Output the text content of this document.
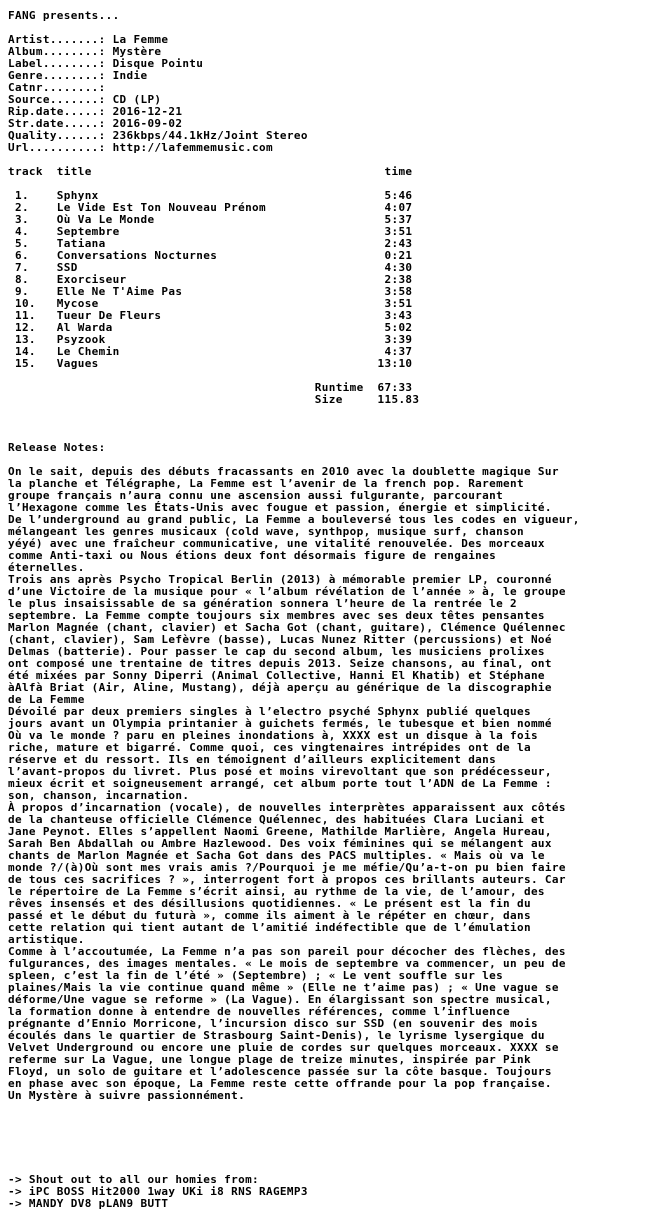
FANG presents...
Artist.......: La Femme
Album........: Mystère
Label........: Disque Pointu
Genre........: Indie
Catnr........:
Source.......: CD (LP)
Rip.date.....: 2016-12-21
Str.date.....: 2016-09-02
Quality......: 236kbps/44.1kHz/Joint Stereo
Url..........: http://lafemmemusic.com
track  title                                          time
1.    Sphynx                                         5:46
2.    Le Vide Est Ton Nouveau Prénom                 4:07
3.    Où Va Le Monde                                 5:37
4.    Septembre                                      3:51
5.    Tatiana                                        2:43
6.    Conversations Nocturnes                        0:21
7.    SSD                                            4:30
8.    Exorciseur                                     2:38
9.    Elle Ne T'Aime Pas                             3:58
10.   Mycose                                         3:51
11.   Tueur De Fleurs                                3:43
12.   Al Warda                                       5:02
13.   Psyzook                                        3:39
14.   Le Chemin                                      4:37
15.   Vagues                                        13:10
Runtime  67:33
Size     115.83
Release Notes:
On le sait, depuis des débuts fracassants en 2010 avec la doublette magique Sur
la planche et Télégraphe, La Femme est l’avenir de la french pop. Rarement
groupe français n’aura connu une ascension aussi fulgurante, parcourant
l’Hexagone comme les États-Unis avec fougue et passion, énergie et simplicité.
De l’underground au grand public, La Femme a bouleversé tous les codes en vigueur,
mélangeant les genres musicaux (cold wave, synthpop, musique surf, chanson
yéyé) avec une fraîcheur communicative, une vitalité renouvelée. Des morceaux
comme Anti-taxi ou Nous étions deux font désormais figure de rengaines
éternelles.
Trois ans après Psycho Tropical Berlin (2013) à mémorable premier LP, couronné
d’une Victoire de la musique pour « l’album révélation de l’année » à, le groupe
le plus insaisissable de sa génération sonnera l’heure de la rentrée le 2
septembre. La Femme compte toujours six membres avec ses deux têtes pensantes
Marlon Magnée (chant, clavier) et Sacha Got (chant, guitare), Clémence Quélennec
(chant, clavier), Sam Lefèvre (basse), Lucas Nunez Ritter (percussions) et Noé
Delmas (batterie). Pour passer le cap du second album, les musiciens prolixes
ont composé une trentaine de titres depuis 2013. Seize chansons, au final, ont
été mixées par Sonny Diperri (Animal Collective, Hanni El Khatib) et Stéphane
àAlfà Briat (Air, Aline, Mustang), déjà aperçu au générique de la discographie
de La Femme
Dévoilé par deux premiers singles à l’electro psyché Sphynx publié quelques
jours avant un Olympia printanier à guichets fermés, le tubesque et bien nommé
Où va le monde ? paru en pleines inondations à, XXXX est un disque à la fois
riche, mature et bigarré. Comme quoi, ces vingtenaires intrépides ont de la
réserve et du ressort. Ils en témoignent d’ailleurs explicitement dans
l’avant-propos du livret. Plus posé et moins virevoltant que son prédécesseur,
mieux écrit et soigneusement arrangé, cet album porte tout l’ADN de La Femme :
son, chanson, incarnation.
À propos d’incarnation (vocale), de nouvelles interprètes apparaissent aux côtés
de la chanteuse officielle Clémence Quélennec, des habituées Clara Luciani et
Jane Peynot. Elles s’appellent Naomi Greene, Mathilde Marlière, Angela Hureau,
Sarah Ben Abdallah ou Ambre Hazlewood. Des voix féminines qui se mélangent aux
chants de Marlon Magnée et Sacha Got dans des PACS multiples. « Mais où va le
monde ?/(à)Où sont mes vrais amis ?/Pourquoi je me méfie/Qu’a-t-on pu bien faire
de tous ces sacrifices ? », interrogent fort à propos ces brillants auteurs. Car
le répertoire de La Femme s’écrit ainsi, au rythme de la vie, de l’amour, des
rêves insensés et des désillusions quotidiennes. « Le présent est la fin du
passé et le début du futurà », comme ils aiment à le répéter en chœur, dans
cette relation qui tient autant de l’amitié indéfectible que de l’émulation
artistique.
Comme à l’accoutumée, La Femme n’a pas son pareil pour décocher des flèches, des
fulgurances, des images mentales. « Le mois de septembre va commencer, un peu de
spleen, c’est la fin de l’été » (Septembre) ; « Le vent souffle sur les
plaines/Mais la vie continue quand même » (Elle ne t’aime pas) ; « Une vague se
déforme/Une vague se reforme » (La Vague). En élargissant son spectre musical,
la formation donne à entendre de nouvelles références, comme l’influence
prégnante d’Ennio Morricone, l’incursion disco sur SSD (en souvenir des mois
écoulés dans le quartier de Strasbourg Saint-Denis), le lyrisme lysergique du
Velvet Underground ou encore une pluie de cordes sur quelques morceaux. XXXX se
referme sur La Vague, une longue plage de treize minutes, inspirée par Pink
Floyd, un solo de guitare et l’adolescence passée sur la côte basque. Toujours
en phase avec son époque, La Femme reste cette offrande pour la pop française.
Un Mystère à suivre passionnément.
-> Shout out to all our homies from:
-> iPC BOSS Hit2000 1way UKi i8 RNS RAGEMP3
-> MANDY DV8 pLAN9 BUTT
